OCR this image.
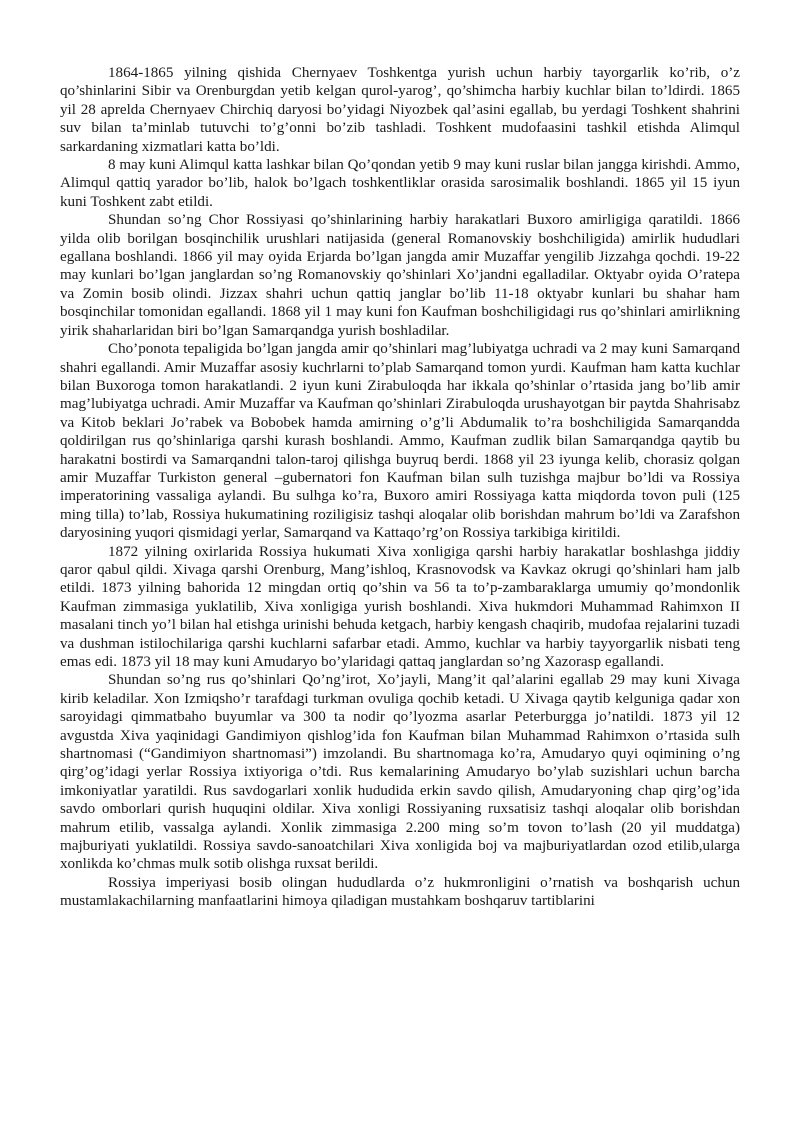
1864-1865 yilning qishida Chernyaev Toshkentga yurish uchun harbiy tayorgarlik ko’rib, o’z qo’shinlarini Sibir va Orenburgdan yetib kelgan qurol-yarog’, qo’shimcha harbiy kuchlar bilan to’ldirdi. 1865 yil 28 aprelda Chernyaev Chirchiq daryosi bo’yidagi Niyozbek qal’asini egallab, bu yerdagi Toshkent shahrini suv bilan ta’minlab tutuvchi to’g’onni bo’zib tashladi. Toshkent mudofaasini tashkil etishda Alimqul sarkardaning xizmatlari katta bo’ldi.

8 may kuni Alimqul katta lashkar bilan Qo’qondan yetib 9 may kuni ruslar bilan jangga kirishdi. Ammo, Alimqul qattiq yarador bo’lib, halok bo’lgach toshkentliklar orasida sarosimalik boshlandi. 1865 yil 15 iyun kuni Toshkent zabt etildi.

Shundan so’ng Chor Rossiyasi qo’shinlarining harbiy harakatlari Buxoro amirligiga qaratildi. 1866 yilda olib borilgan bosqinchilik urushlari natijasida (general Romanovskiy boshchiligida) amirlik hududlari egallana boshlandi. 1866 yil may oyida Erjarda bo’lgan jangda amir Muzaffar yengilib Jizzahga qochdi. 19-22 may kunlari bo’lgan janglardan so’ng Romanovskiy qo’shinlari Xo’jandni egalladilar. Oktyabr oyida O’ratepa va Zomin bosib olindi. Jizzax shahri uchun qattiq janglar bo’lib 11-18 oktyabr kunlari bu shahar ham bosqinchilar tomonidan egallandi. 1868 yil 1 may kuni fon Kaufman boshchiligidagi rus qo’shinlari amirlikning yirik shaharlaridan biri bo’lgan Samarqandga yurish boshladilar.

Cho’ponota tepaligida bo’lgan jangda amir qo’shinlari mag’lubiyatga uchradi va 2 may kuni Samarqand shahri egallandi. Amir Muzaffar asosiy kuchrlarni to’plab Samarqand tomon yurdi. Kaufman ham katta kuchlar bilan Buxoroga tomon harakatlandi. 2 iyun kuni Zirabuloqda har ikkala qo’shinlar o’rtasida jang bo’lib amir mag’lubiyatga uchradi. Amir Muzaffar va Kaufman qo’shinlari Zirabuloqda urushayotgan bir paytda Shahrisabz va Kitob beklari Jo’rabek va Bobobek hamda amirning o’g’li Abdumalik to’ra boshchiligida Samarqandda qoldirilgan rus qo’shinlariga qarshi kurash boshlandi. Ammo, Kaufman zudlik bilan Samarqandga qaytib bu harakatni bostirdi va Samarqandni talon-taroj qilishga buyruq berdi. 1868 yil 23 iyunga kelib, chorasiz qolgan amir Muzaffar Turkiston general –gubernatori fon Kaufman bilan sulh tuzishga majbur bo’ldi va Rossiya imperatorining vassaliga aylandi. Bu sulhga ko’ra, Buxoro amiri Rossiyaga katta miqdorda tovon puli (125 ming tilla) to’lab, Rossiya hukumatining roziligisiz tashqi aloqalar olib borishdan mahrum bo’ldi va Zarafshon daryosining yuqori qismidagi yerlar, Samarqand va Kattaqo’rg’on Rossiya tarkibiga kiritildi.

1872 yilning oxirlarida Rossiya hukumati Xiva xonligiga qarshi harbiy harakatlar boshlashga jiddiy qaror qabul qildi. Xivaga qarshi Orenburg, Mang’ishloq, Krasnovodsk va Kavkaz okrugi qo’shinlari ham jalb etildi. 1873 yilning bahorida 12 mingdan ortiq qo’shin va 56 ta to’p-zambaraklarga umumiy qo’mondonlik Kaufman zimmasiga yuklatilib, Xiva xonligiga yurish boshlandi. Xiva hukmdori Muhammad Rahimxon II masalani tinch yo’l bilan hal etishga urinishi behuda ketgach, harbiy kengash chaqirib, mudofaa rejalarini tuzadi va dushman istilochilariga qarshi kuchlarni safarbar etadi. Ammo, kuchlar va harbiy tayyorgarlik nisbati teng emas edi. 1873 yil 18 may kuni Amudaryo bo’ylaridagi qattaq janglardan so’ng Xazorasp egallandi.

Shundan so’ng rus qo’shinlari Qo’ng’irot, Xo’jayli, Mang’it qal’alarini egallab 29 may kuni Xivaga kirib keladilar. Xon Izmiqsho’r tarafdagi turkman ovuliga qochib ketadi. U Xivaga qaytib kelguniga qadar xon saroyidagi qimmatbaho buyumlar va 300 ta nodir qo’lyozma asarlar Peterburgga jo’natildi. 1873 yil 12 avgustda Xiva yaqinidagi Gandimiyon qishlog’ida fon Kaufman bilan Muhammad Rahimxon o’rtasida sulh shartnomasi (“Gandimiyon shartnomasi”) imzolandi. Bu shartnomaga ko’ra, Amudaryo quyi oqimining o’ng qirg’og’idagi yerlar Rossiya ixtiyoriga o’tdi. Rus kemalarining Amudaryo bo’ylab suzishlari uchun barcha imkoniyatlar yaratildi. Rus savdogarlari xonlik hududida erkin savdo qilish, Amudaryoning chap qirg’og’ida savdo omborlari qurish huquqini oldilar. Xiva xonligi Rossiyaning ruxsatisiz tashqi aloqalar olib borishdan mahrum etilib, vassalga aylandi. Xonlik zimmasiga 2.200 ming so’m tovon to’lash (20 yil muddatga) majburiyati yuklatildi. Rossiya savdo-sanoatchilari Xiva xonligida boj va majburiyatlardan ozod etilib,ularga xonlikda ko’chmas mulk sotib olishga ruxsat berildi.

Rossiya imperiyasi bosib olingan hududlarda o’z hukmronligini o’rnatish va boshqarish uchun mustamlakachilarning manfaatlarini himoya qiladigan mustahkam boshqaruv tartiblarini
